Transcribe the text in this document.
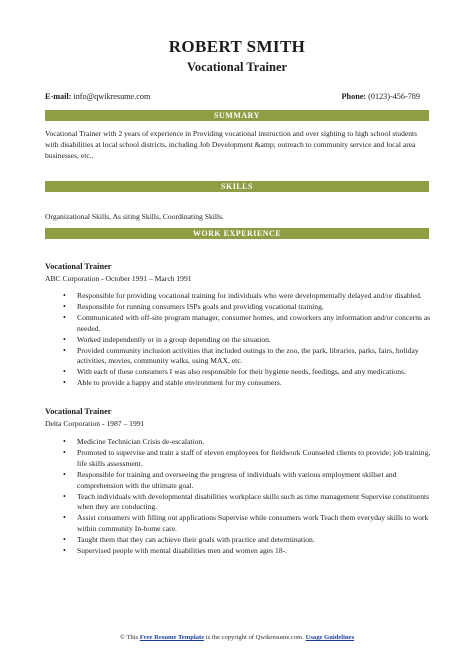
ROBERT SMITH
Vocational Trainer
E-mail: info@qwikresume.com	Phone: (0123)-456-789
SUMMARY
Vocational Trainer with 2 years of experience in Providing vocational instruction and over sighting to high school students with disabilities at local school districts, including Job Development &amp; outreach to community service and local area businesses, etc..
SKILLS
Organizational Skills, As siting Skills, Coordinating Skills.
WORK EXPERIENCE
Vocational Trainer
ABC Corporation - October 1991 – March 1991
• Responsible for providing vocational training for individuals who were developmentally delayed and/or disabled.
• Responsible for running consumers ISPs goals and providing vocational training.
• Communicated with off-site program manager, consumer homes, and coworkers any information and/or concerns as needed.
• Worked independently or in a group depending on the situation.
• Provided community inclusion activities that included outings to the zoo, the park, libraries, parks, fairs, holiday activities, movies, community walks, using MAX, etc.
• With each of these consumers I was also responsible for their hygiene needs, feedings, and any medications.
• Able to provide a happy and stable environment for my consumers.
Vocational Trainer
Delta Corporation - 1987 – 1991
• Medicine Technician Crisis de-escalation.
• Promoted to supervise and train a staff of eleven employees for fieldwork Counseled clients to provide; job training, life skills assessment.
• Responsible for training and overseeing the progress of individuals with various employment skillset and comprehension with the ultimate goal.
• Teach individuals with developmental disabilities workplace skills such as time management Supervise constituents when they are conducting.
• Assist consumers with filling out applications Supervise while consumers work Teach them everyday skills to work within community In-home care.
• Taught them that they can achieve their goals with practice and determination.
• Supervised people with mental disabilities men and women ages 18-.
© This Free Resume Template is the copyright of Qwikresume.com. Usage Guidelines
